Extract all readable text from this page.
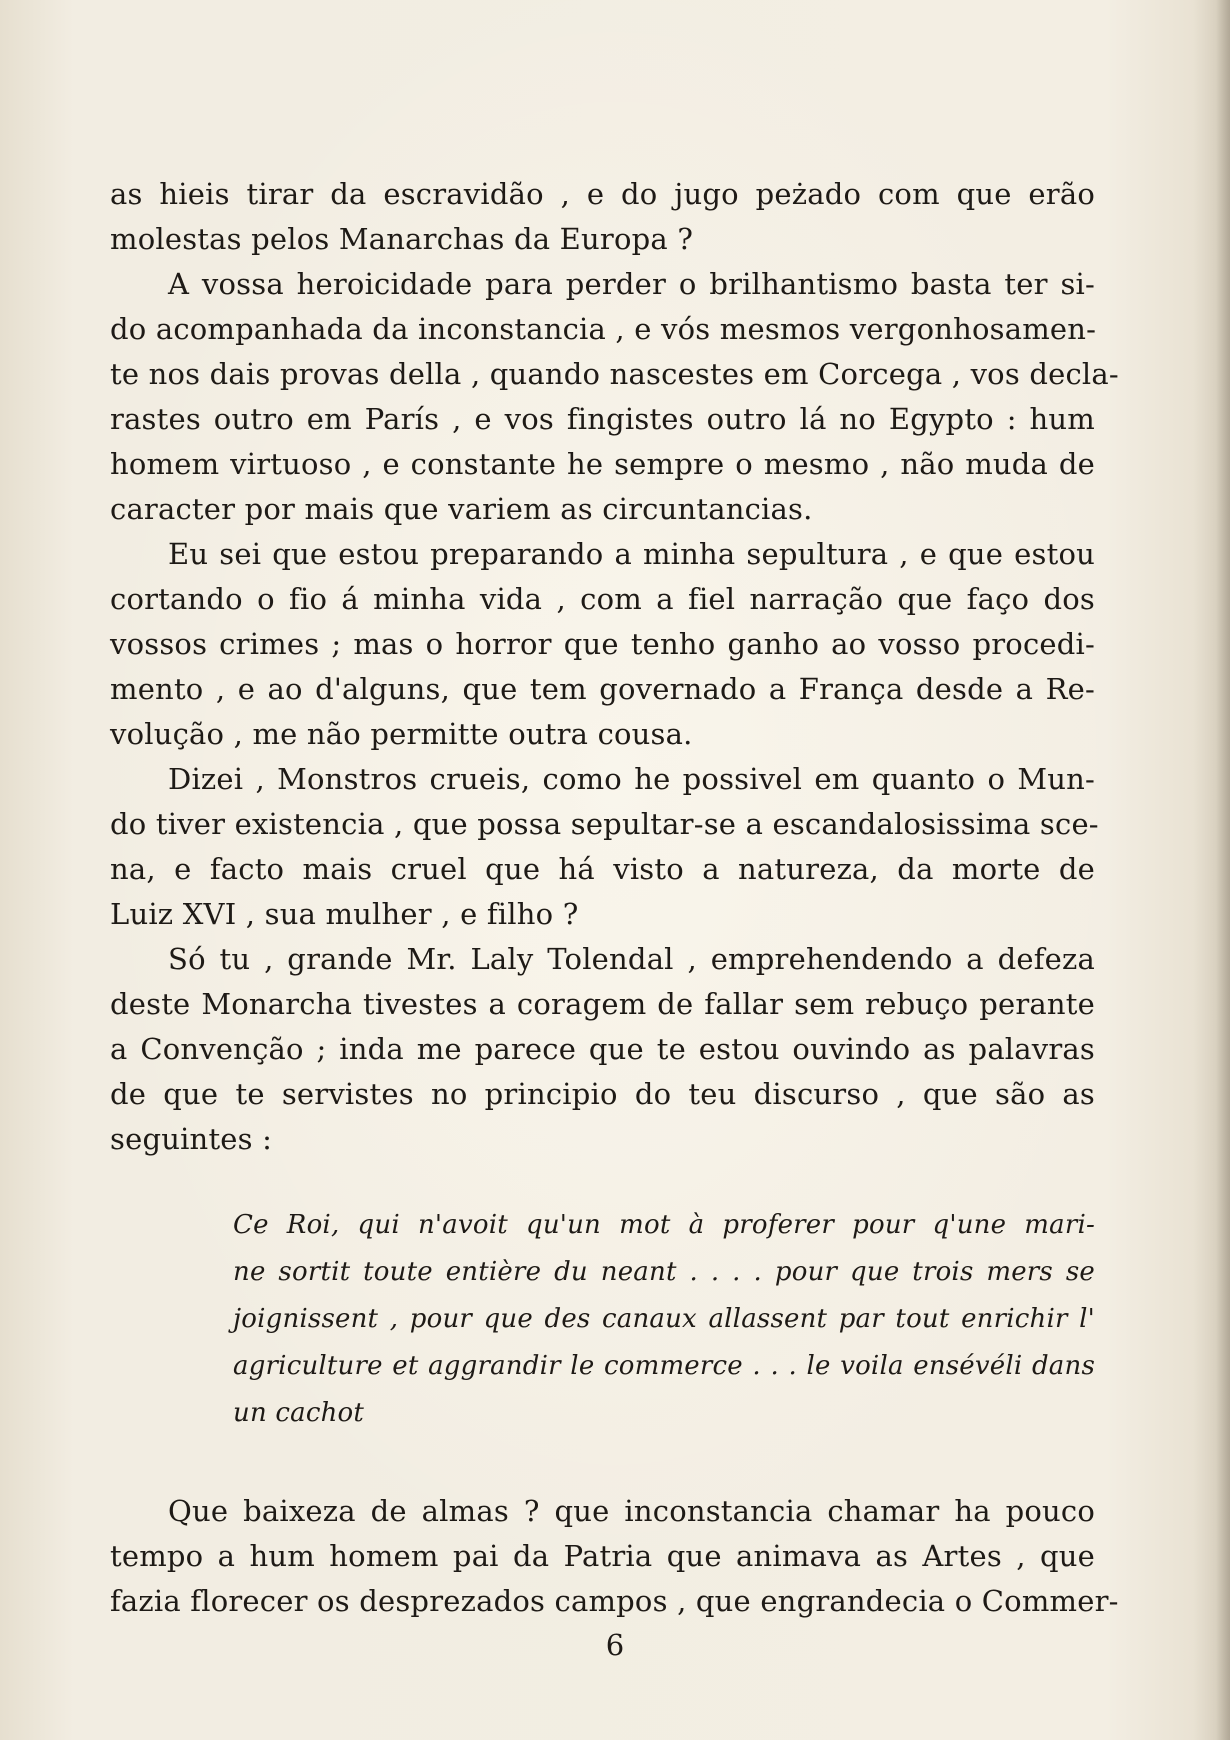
as hieis tirar da escravidão , e do jugo peżado com que erão
molestas pelos Manarchas da Europa ?
A vossa heroicidade para perder o brilhantismo basta ter si-
do acompanhada da inconstancia , e vós mesmos vergonhosamen-
te nos dais provas della , quando nascestes em Corcega , vos decla-
rastes outro em París , e vos fingistes outro lá no Egypto : hum
homem virtuoso , e constante he sempre o mesmo , não muda de
caracter por mais que variem as circuntancias.
Eu sei que estou preparando a minha sepultura , e que estou
cortando o fio á minha vida , com a fiel narração que faço dos
vossos crimes ; mas o horror que tenho ganho ao vosso procedi-
mento , e ao d'alguns, que tem governado a França desde a Re-
volução , me não permitte outra cousa.
Dizei , Monstros crueis, como he possivel em quanto o Mun-
do tiver existencia , que possa sepultar-se a escandalosissima sce-
na, e facto mais cruel que há visto a natureza, da morte de
Luiz XVI , sua mulher , e filho ?
Só tu , grande Mr. Laly Tolendal , emprehendendo a defeza
deste Monarcha tivestes a coragem de fallar sem rebuço perante
a Convenção ; inda me parece que te estou ouvindo as palavras
de que te servistes no principio do teu discurso , que são as
seguintes :
Ce Roi, qui n'avoit qu'un mot à proferer pour q'une mari-
ne sortit toute entière du neant . . . . pour que trois mers se
joignissent , pour que des canaux allassent par tout enrichir l'
agriculture et aggrandir le commerce . . . le voila ensévéli dans
un cachot
Que baixeza de almas ? que inconstancia chamar ha pouco
tempo a hum homem pai da Patria que animava as Artes , que
fazia florecer os desprezados campos , que engrandecia o Commer-
6
